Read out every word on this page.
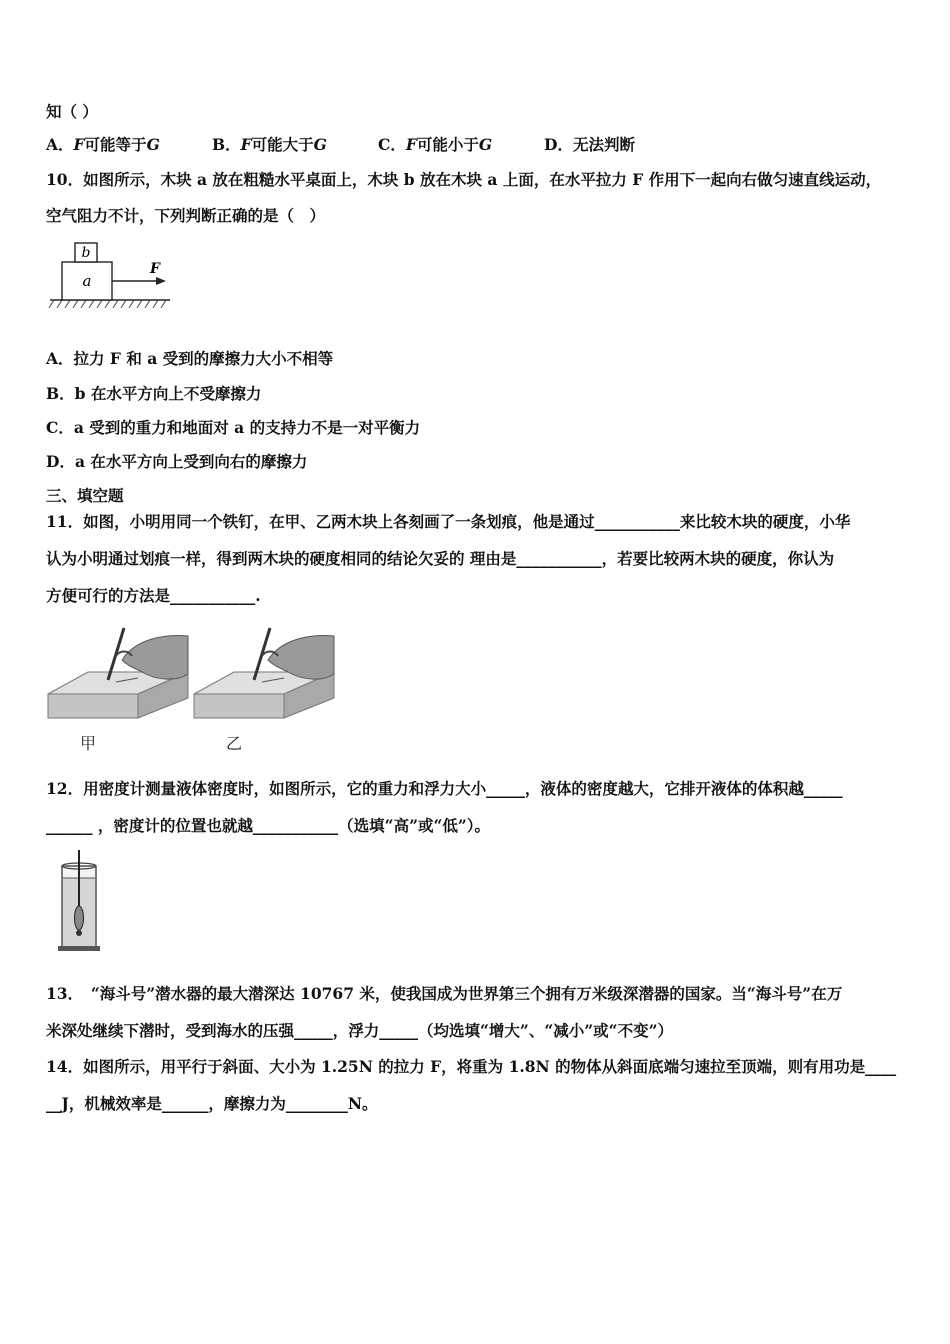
知（ ）
A．F可能等于G	B．F可能大于G	C．F可能小于G	D．无法判断
10．如图所示，木块 a 放在粗糙水平桌面上，木块 b 放在木块 a 上面，在水平拉力 F 作用下一起向右做匀速直线运动，
空气阻力不计，下列判断正确的是（　）
b
a
F
A．拉力 F 和 a 受到的摩擦力大小不相等
B．b 在水平方向上不受摩擦力
C．a 受到的重力和地面对 a 的支持力不是一对平衡力
D．a 在水平方向上受到向右的摩擦力
三、填空题
11．如图，小明用同一个铁钉，在甲、乙两木块上各刻画了一条划痕，他是通过___________来比较木块的硬度，小华
认为小明通过划痕一样，得到两木块的硬度相同的结论欠妥的 理由是___________，若要比较两木块的硬度，你认为
方便可行的方法是___________.
甲	乙
12．用密度计测量液体密度时，如图所示，它的重力和浮力大小_____，液体的密度越大，它排开液体的体积越_____
______ ，密度计的位置也就越___________（选填“高”或“低”）。
13．　“海斗号”潜水器的最大潜深达 10767 米，使我国成为世界第三个拥有万米级深潜器的国家。当“海斗号”在万
米深处继续下潜时，受到海水的压强_____，浮力_____（均选填“增大”、“减小”或“不变”）
14．如图所示，用平行于斜面、大小为 1.25N 的拉力 F，将重为 1.8N 的物体从斜面底端匀速拉至顶端，则有用功是____
__J，机械效率是______，摩擦力为________N。
